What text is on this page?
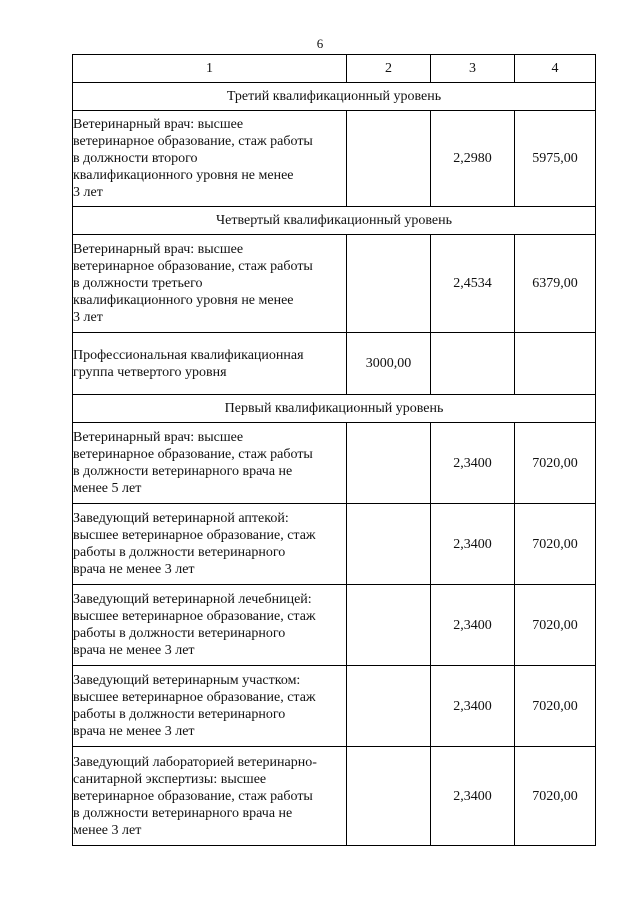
6
1	2	3	4
Третий квалификационный уровень			

Ветеринарный врач: высшее
ветеринарное образование, стаж работы
в должности второго
квалификационного уровня не менее
3 лет		2,2980	5975,00
Четвертый квалификационный уровень			

Ветеринарный врач: высшее
ветеринарное образование, стаж работы
в должности третьего
квалификационного уровня не менее
3 лет		2,4534	6379,00

Профессиональная квалификационная
группа четвертого уровня	3000,00		
Первый квалификационный уровень			

Ветеринарный врач: высшее
ветеринарное образование, стаж работы
в должности ветеринарного врача не
менее 5 лет		2,3400	7020,00

Заведующий ветеринарной аптекой:
высшее ветеринарное образование, стаж
работы в должности ветеринарного
врача не менее 3 лет		2,3400	7020,00

Заведующий ветеринарной лечебницей:
высшее ветеринарное образование, стаж
работы в должности ветеринарного
врача не менее 3 лет		2,3400	7020,00

Заведующий ветеринарным участком:
высшее ветеринарное образование, стаж
работы в должности ветеринарного
врача не менее 3 лет		2,3400	7020,00

Заведующий лабораторией ветеринарно-
санитарной экспертизы: высшее
ветеринарное образование, стаж работы
в должности ветеринарного врача не
менее 3 лет		2,3400	7020,00
